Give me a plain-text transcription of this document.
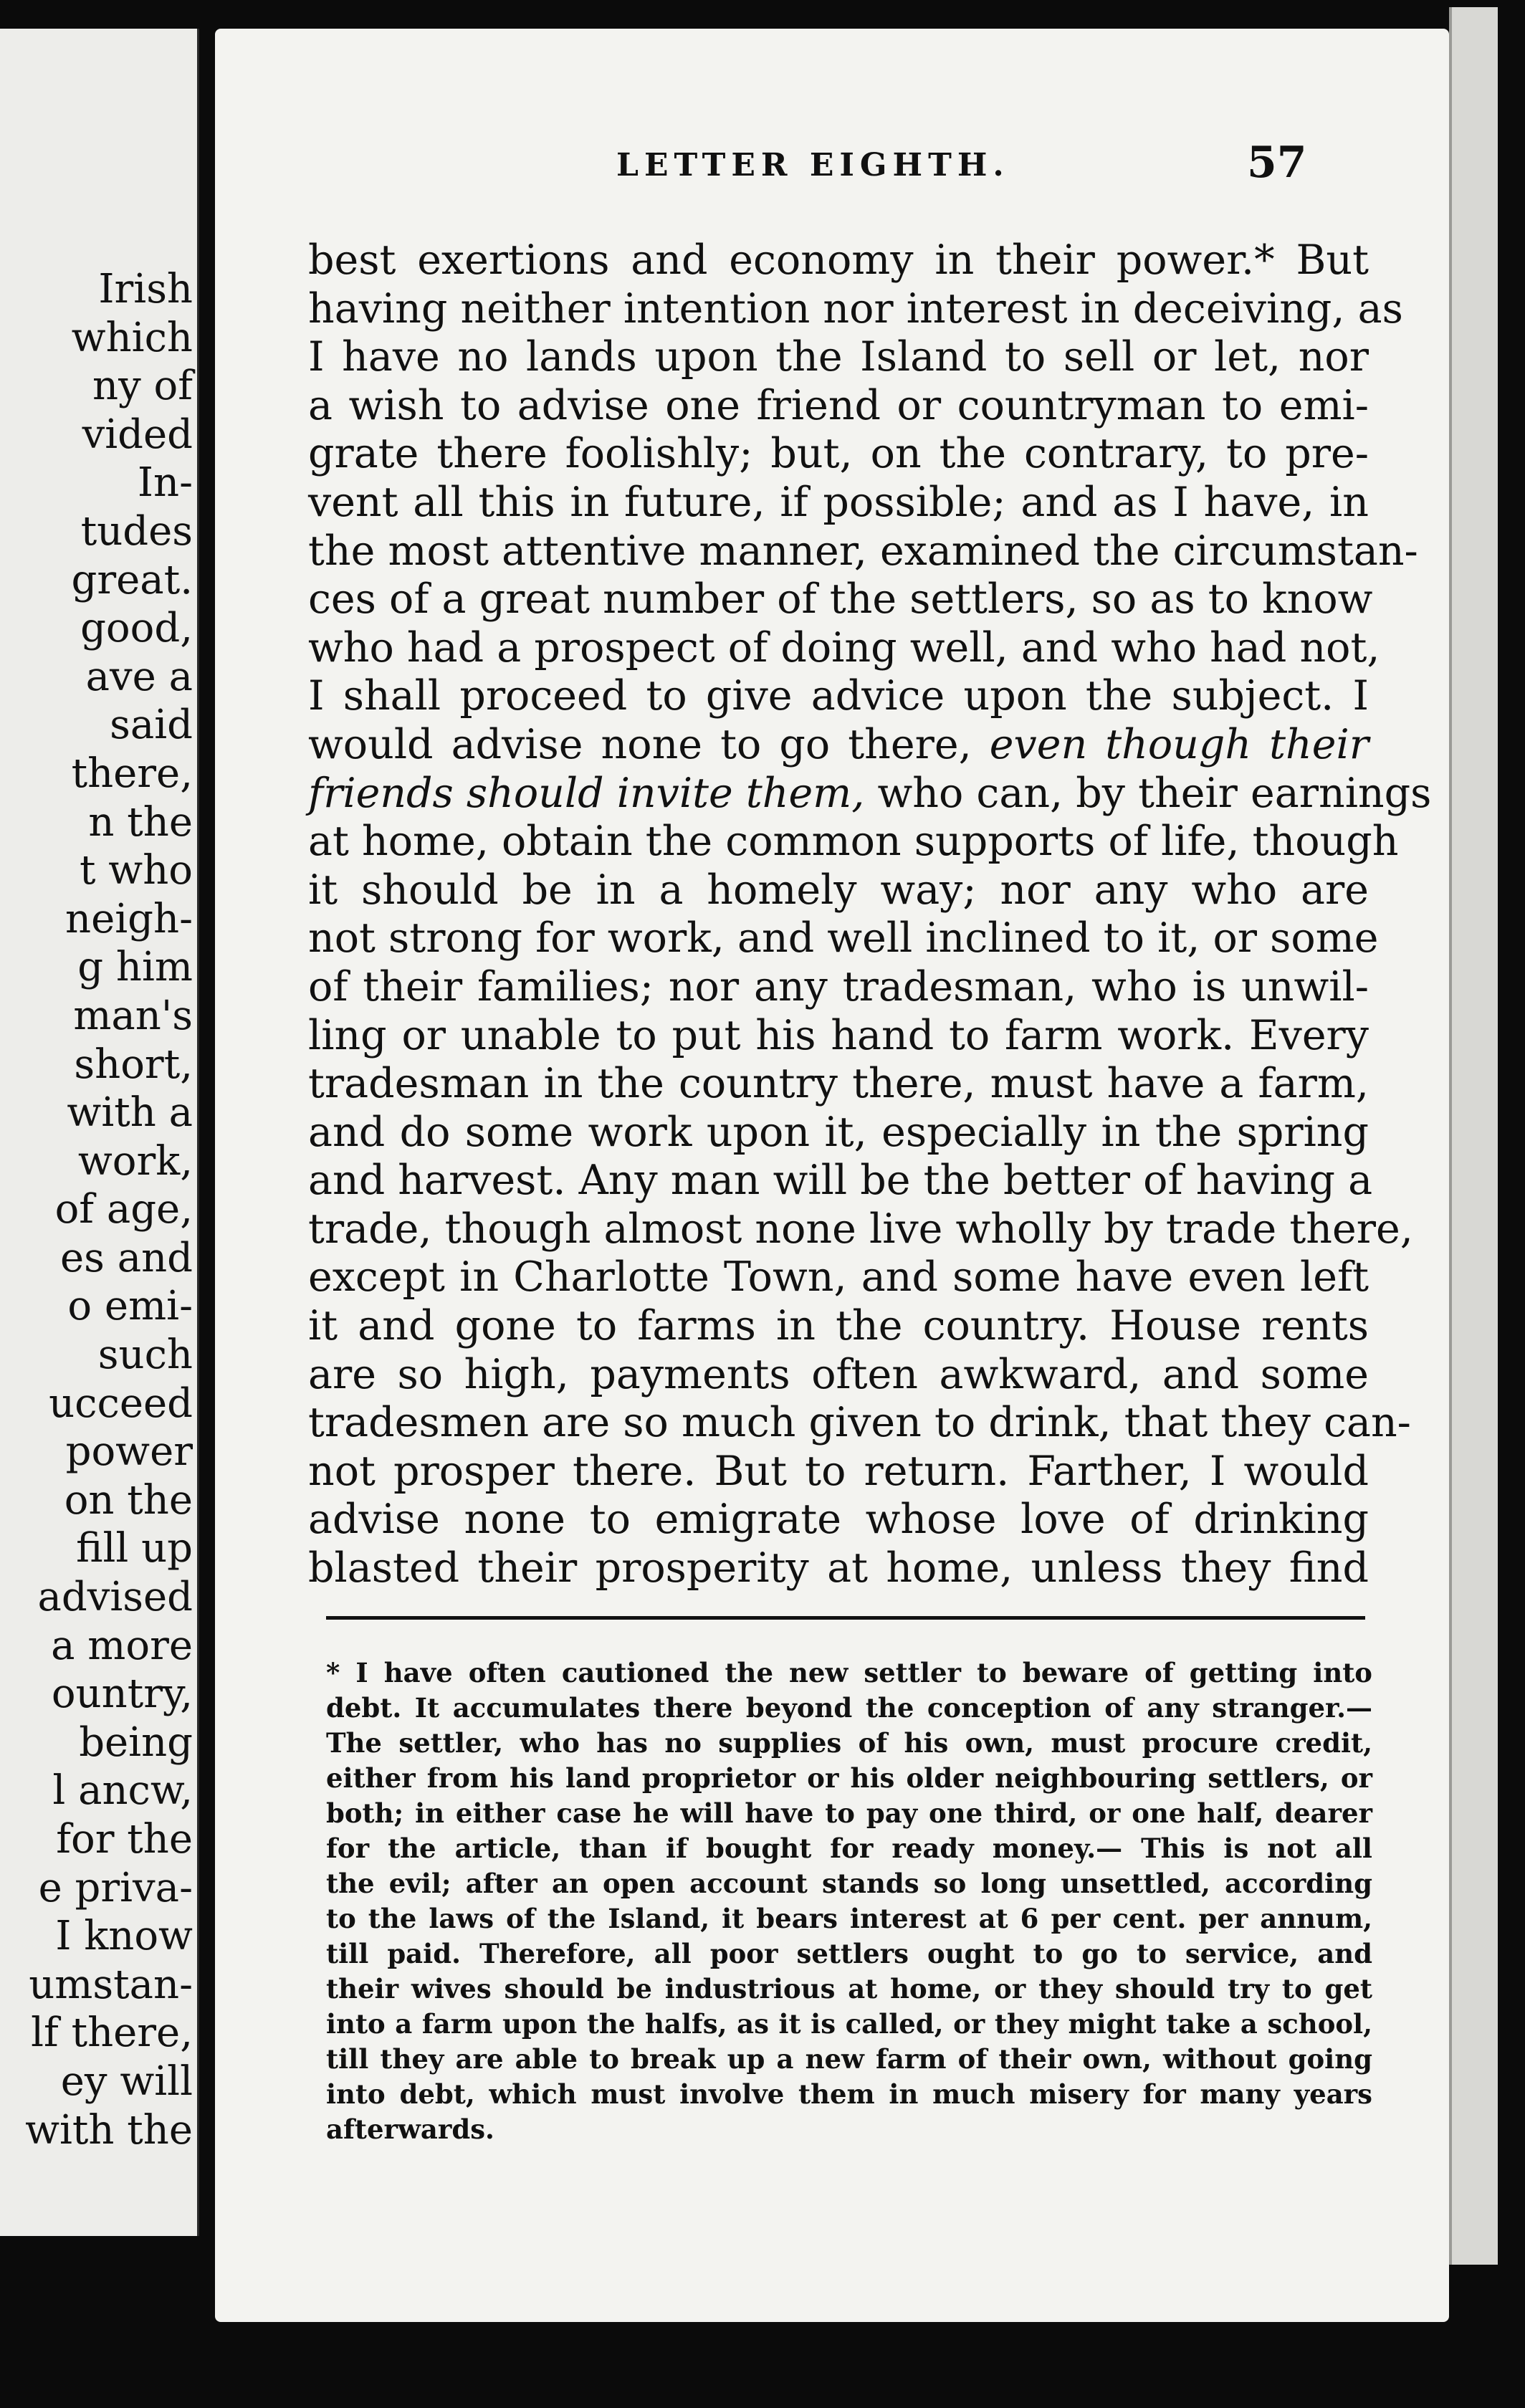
Irish
which
ny of
vided
In-
tudes
great.
good,
ave a
said
there,
n the
t who
neigh-
g him
man's
short,
with a
work,
of age,
es and
o emi-
such
ucceed
power
on the
fill up
advised
a more
ountry,
being
l ancw,
for the
e priva-
I know
umstan-
lf there,
ey will
with the
LETTER EIGHTH.	57
best exertions and economy in their power.* But
having neither intention nor interest in deceiving, as
I have no lands upon the Island to sell or let, nor
a wish to advise one friend or countryman to emi-
grate there foolishly; but, on the contrary, to pre-
vent all this in future, if possible; and as I have, in
the most attentive manner, examined the circumstan-
ces of a great number of the settlers, so as to know
who had a prospect of doing well, and who had not,
I shall proceed to give advice upon the subject. I
would advise none to go there, even though their
friends should invite them, who can, by their earnings
at home, obtain the common supports of life, though
it should be in a homely way; nor any who are
not strong for work, and well inclined to it, or some
of their families; nor any tradesman, who is unwil-
ling or unable to put his hand to farm work. Every
tradesman in the country there, must have a farm,
and do some work upon it, especially in the spring
and harvest. Any man will be the better of having a
trade, though almost none live wholly by trade there,
except in Charlotte Town, and some have even left
it and gone to farms in the country. House rents
are so high, payments often awkward, and some
tradesmen are so much given to drink, that they can-
not prosper there. But to return. Farther, I would
advise none to emigrate whose love of drinking
blasted their prosperity at home, unless they find
* I have often cautioned the new settler to beware of getting into
debt. It accumulates there beyond the conception of any stranger.—
The settler, who has no supplies of his own, must procure credit,
either from his land proprietor or his older neighbouring settlers, or
both; in either case he will have to pay one third, or one half, dearer
for the article, than if bought for ready money.— This is not all
the evil; after an open account stands so long unsettled, according
to the laws of the Island, it bears interest at 6 per cent. per annum,
till paid. Therefore, all poor settlers ought to go to service, and
their wives should be industrious at home, or they should try to get
into a farm upon the halfs, as it is called, or they might take a school,
till they are able to break up a new farm of their own, without going
into debt, which must involve them in much misery for many years
afterwards.
